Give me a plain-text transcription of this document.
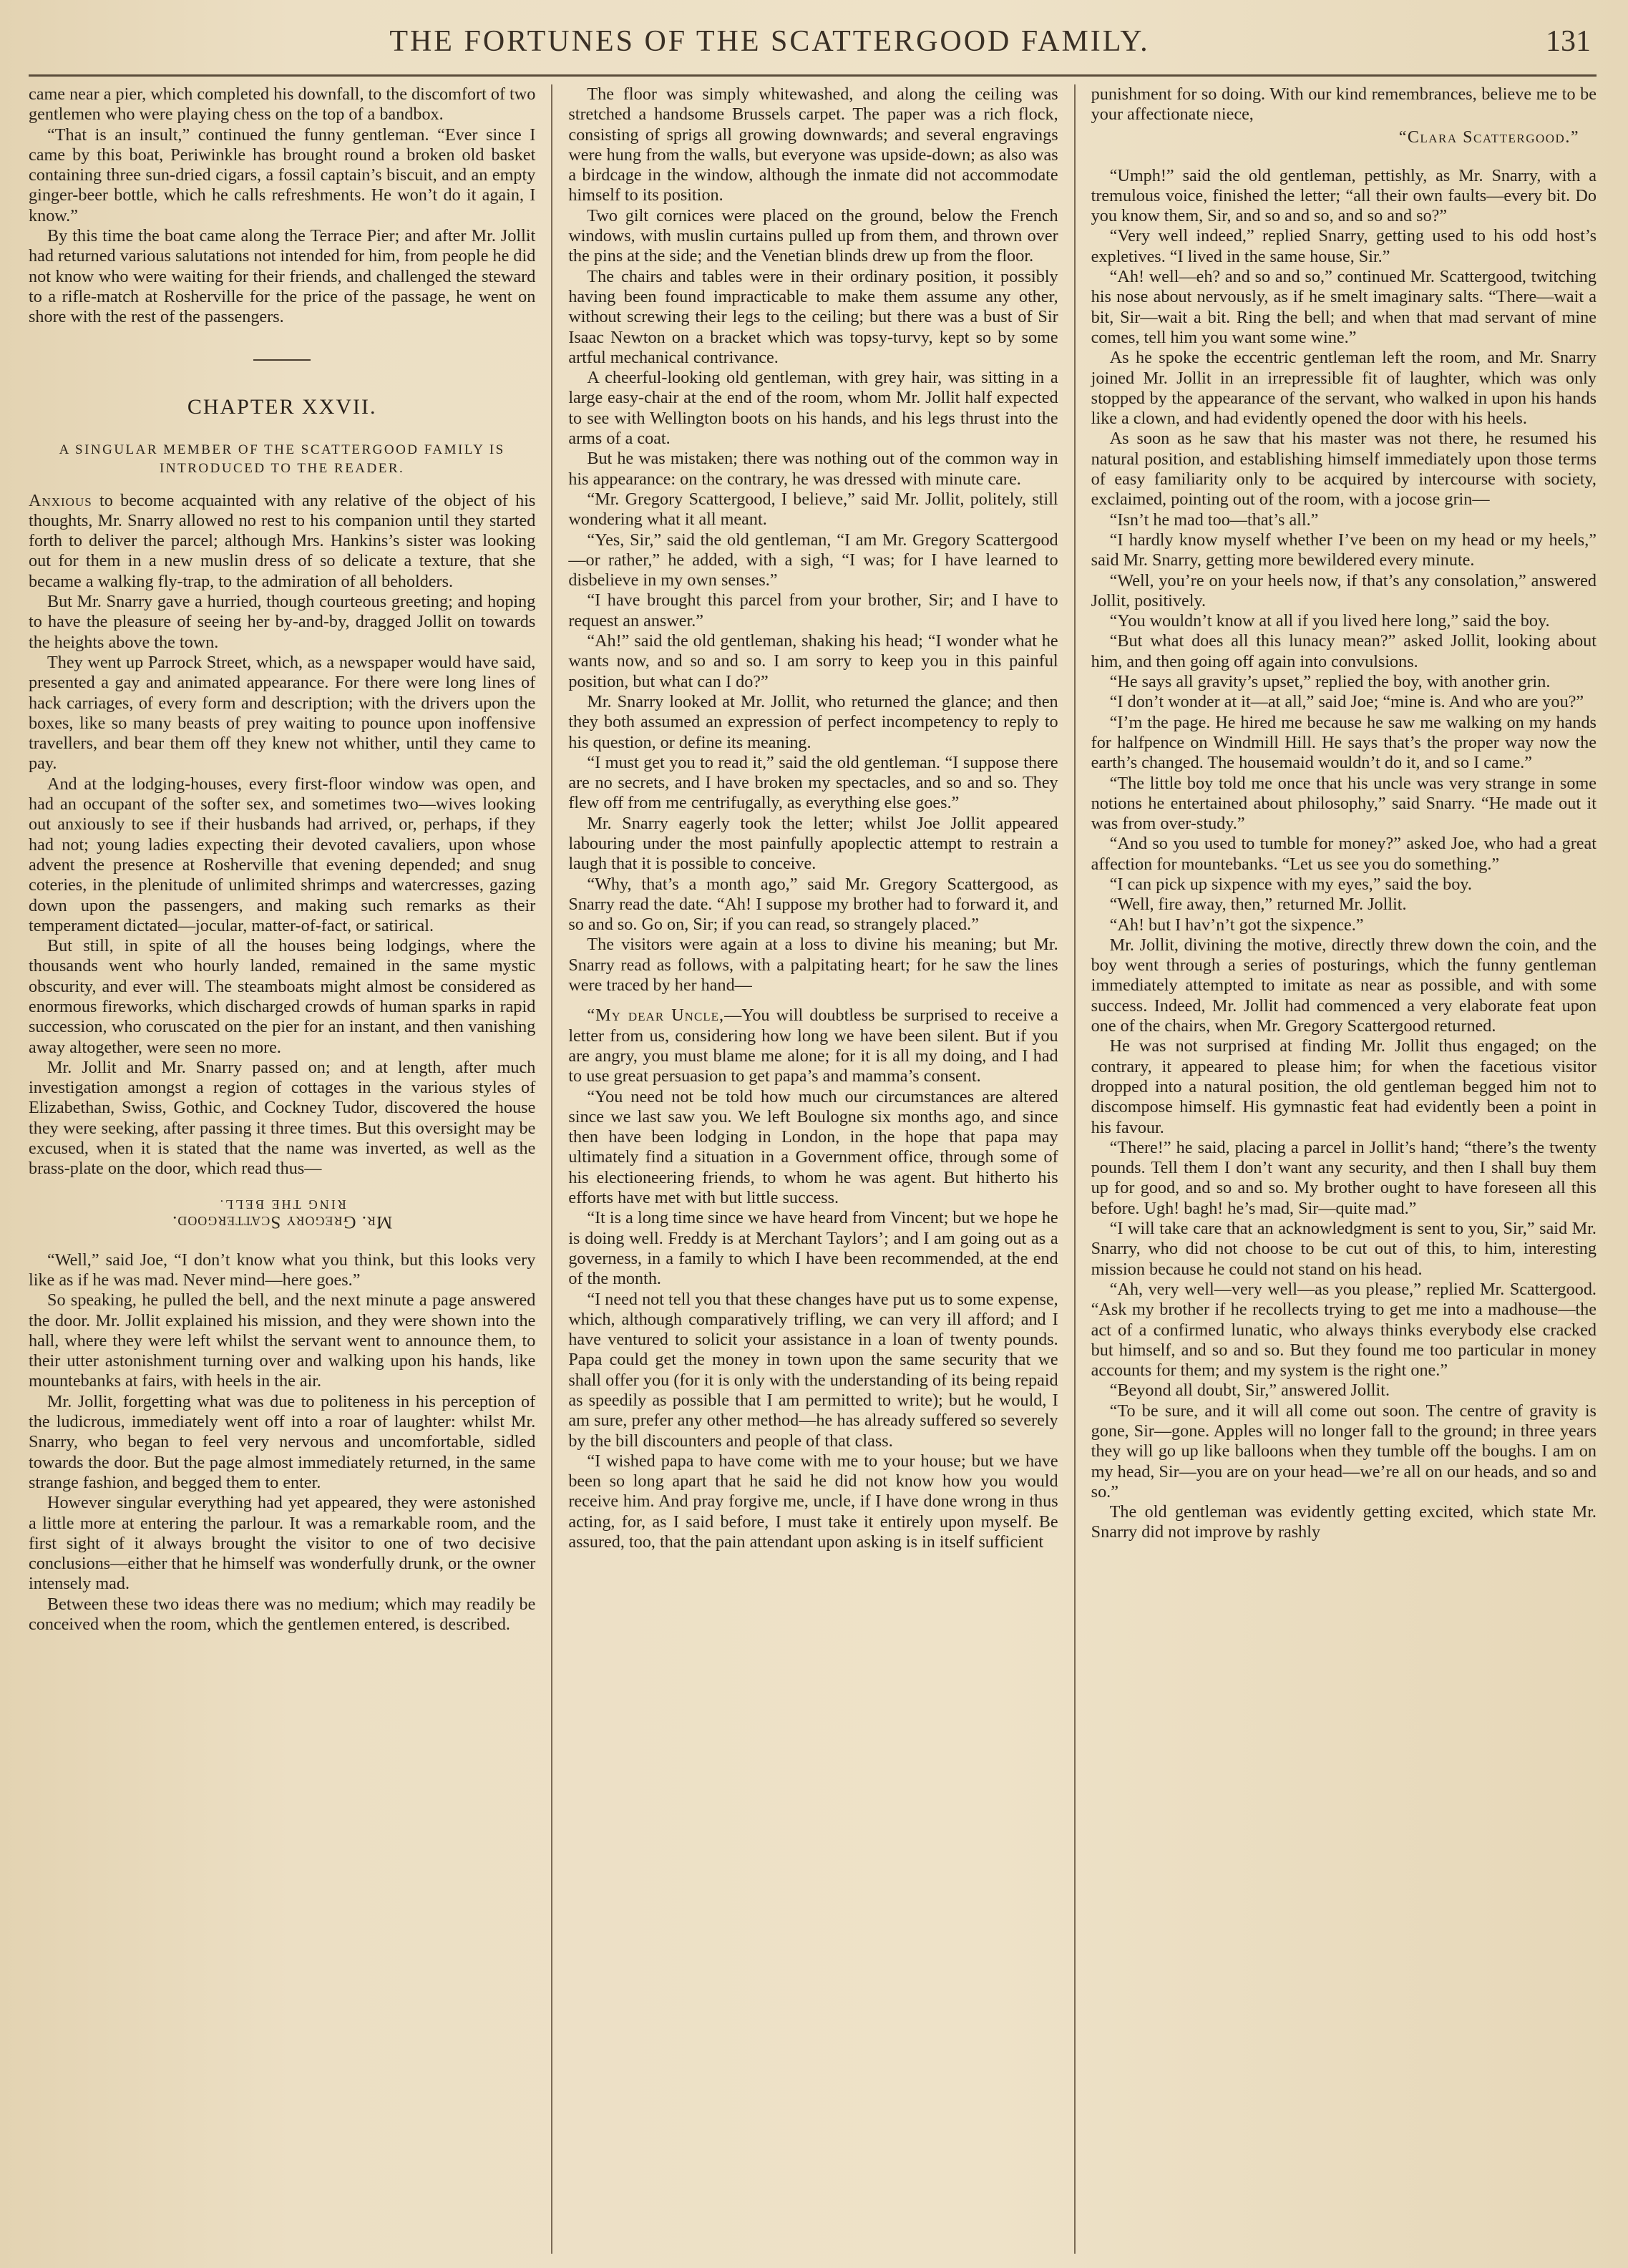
THE FORTUNES OF THE SCATTERGOOD FAMILY.	131

came near a pier, which completed his downfall, to the discomfort of two gentlemen who were playing chess on the top of a bandbox.

“That is an insult,” continued the funny gentleman. “Ever since I came by this boat, Periwinkle has brought round a broken old basket containing three sun-dried cigars, a fossil captain’s biscuit, and an empty ginger-beer bottle, which he calls refreshments. He won’t do it again, I know.”

By this time the boat came along the Terrace Pier; and after Mr. Jollit had returned various salutations not intended for him, from people he did not know who were waiting for their friends, and challenged the steward to a rifle-match at Rosherville for the price of the passage, he went on shore with the rest of the passengers.

CHAPTER XXVII.
A SINGULAR MEMBER OF THE SCATTERGOOD FAMILY IS INTRODUCED TO THE READER.

Anxious to become acquainted with any relative of the object of his thoughts, Mr. Snarry allowed no rest to his companion until they started forth to deliver the parcel; although Mrs. Hankins’s sister was looking out for them in a new muslin dress of so delicate a texture, that she became a walking fly-trap, to the admiration of all beholders.

But Mr. Snarry gave a hurried, though courteous greeting; and hoping to have the pleasure of seeing her by-and-by, dragged Jollit on towards the heights above the town.

They went up Parrock Street, which, as a newspaper would have said, presented a gay and animated appearance. For there were long lines of hack carriages, of every form and description; with the drivers upon the boxes, like so many beasts of prey waiting to pounce upon inoffensive travellers, and bear them off they knew not whither, until they came to pay.

And at the lodging-houses, every first-floor window was open, and had an occupant of the softer sex, and sometimes two—wives looking out anxiously to see if their husbands had arrived, or, perhaps, if they had not; young ladies expecting their devoted cavaliers, upon whose advent the presence at Rosherville that evening depended; and snug coteries, in the plenitude of unlimited shrimps and watercresses, gazing down upon the passengers, and making such remarks as their temperament dictated—jocular, matter-of-fact, or satirical.

But still, in spite of all the houses being lodgings, where the thousands went who hourly landed, remained in the same mystic obscurity, and ever will. The steamboats might almost be considered as enormous fireworks, which discharged crowds of human sparks in rapid succession, who coruscated on the pier for an instant, and then vanishing away altogether, were seen no more.

Mr. Jollit and Mr. Snarry passed on; and at length, after much investigation amongst a region of cottages in the various styles of Elizabethan, Swiss, Gothic, and Cockney Tudor, discovered the house they were seeking, after passing it three times. But this oversight may be excused, when it is stated that the name was inverted, as well as the brass-plate on the door, which read thus—

Mr. Gregory Scattergood.
RING THE BELL.

“Well,” said Joe, “I don’t know what you think, but this looks very like as if he was mad. Never mind—here goes.”

So speaking, he pulled the bell, and the next minute a page answered the door. Mr. Jollit explained his mission, and they were shown into the hall, where they were left whilst the servant went to announce them, to their utter astonishment turning over and walking upon his hands, like mountebanks at fairs, with heels in the air.

Mr. Jollit, forgetting what was due to politeness in his perception of the ludicrous, immediately went off into a roar of laughter: whilst Mr. Snarry, who began to feel very nervous and uncomfortable, sidled towards the door. But the page almost immediately returned, in the same strange fashion, and begged them to enter.

However singular everything had yet appeared, they were astonished a little more at entering the parlour. It was a remarkable room, and the first sight of it always brought the visitor to one of two decisive conclusions—either that he himself was wonderfully drunk, or the owner intensely mad.

Between these two ideas there was no medium; which may readily be conceived when the room, which the gentlemen entered, is described.

The floor was simply whitewashed, and along the ceiling was stretched a handsome Brussels carpet. The paper was a rich flock, consisting of sprigs all growing downwards; and several engravings were hung from the walls, but everyone was upside-down; as also was a birdcage in the window, although the inmate did not accommodate himself to its position.

Two gilt cornices were placed on the ground, below the French windows, with muslin curtains pulled up from them, and thrown over the pins at the side; and the Venetian blinds drew up from the floor.

The chairs and tables were in their ordinary position, it possibly having been found impracticable to make them assume any other, without screwing their legs to the ceiling; but there was a bust of Sir Isaac Newton on a bracket which was topsy-turvy, kept so by some artful mechanical contrivance.

A cheerful-looking old gentleman, with grey hair, was sitting in a large easy-chair at the end of the room, whom Mr. Jollit half expected to see with Wellington boots on his hands, and his legs thrust into the arms of a coat.

But he was mistaken; there was nothing out of the common way in his appearance: on the contrary, he was dressed with minute care.

“Mr. Gregory Scattergood, I believe,” said Mr. Jollit, politely, still wondering what it all meant.

“Yes, Sir,” said the old gentleman, “I am Mr. Gregory Scattergood—or rather,” he added, with a sigh, “I was; for I have learned to disbelieve in my own senses.”

“I have brought this parcel from your brother, Sir; and I have to request an answer.”

“Ah!” said the old gentleman, shaking his head; “I wonder what he wants now, and so and so. I am sorry to keep you in this painful position, but what can I do?”

Mr. Snarry looked at Mr. Jollit, who returned the glance; and then they both assumed an expression of perfect incompetency to reply to his question, or define its meaning.

“I must get you to read it,” said the old gentleman. “I suppose there are no secrets, and I have broken my spectacles, and so and so. They flew off from me centrifugally, as everything else goes.”

Mr. Snarry eagerly took the letter; whilst Joe Jollit appeared labouring under the most painfully apoplectic attempt to restrain a laugh that it is possible to conceive.

“Why, that’s a month ago,” said Mr. Gregory Scattergood, as Snarry read the date. “Ah! I suppose my brother had to forward it, and so and so. Go on, Sir; if you can read, so strangely placed.”

The visitors were again at a loss to divine his meaning; but Mr. Snarry read as follows, with a palpitating heart; for he saw the lines were traced by her hand—

“My dear Uncle,—You will doubtless be surprised to receive a letter from us, considering how long we have been silent. But if you are angry, you must blame me alone; for it is all my doing, and I had to use great persuasion to get papa’s and mamma’s consent.

“You need not be told how much our circumstances are altered since we last saw you. We left Boulogne six months ago, and since then have been lodging in London, in the hope that papa may ultimately find a situation in a Government office, through some of his electioneering friends, to whom he was agent. But hitherto his efforts have met with but little success.

“It is a long time since we have heard from Vincent; but we hope he is doing well. Freddy is at Merchant Taylors’; and I am going out as a governess, in a family to which I have been recommended, at the end of the month.

“I need not tell you that these changes have put us to some expense, which, although comparatively trifling, we can very ill afford; and I have ventured to solicit your assistance in a loan of twenty pounds. Papa could get the money in town upon the same security that we shall offer you (for it is only with the understanding of its being repaid as speedily as possible that I am permitted to write); but he would, I am sure, prefer any other method—he has already suffered so severely by the bill discounters and people of that class.

“I wished papa to have come with me to your house; but we have been so long apart that he said he did not know how you would receive him. And pray forgive me, uncle, if I have done wrong in thus acting, for, as I said before, I must take it entirely upon myself. Be assured, too, that the pain attendant upon asking is in itself sufficient

punishment for so doing. With our kind remembrances, believe me to be your affectionate niece,

“Clara Scattergood.”

“Umph!” said the old gentleman, pettishly, as Mr. Snarry, with a tremulous voice, finished the letter; “all their own faults—every bit. Do you know them, Sir, and so and so, and so and so?”

“Very well indeed,” replied Snarry, getting used to his odd host’s expletives. “I lived in the same house, Sir.”

“Ah! well—eh? and so and so,” continued Mr. Scattergood, twitching his nose about nervously, as if he smelt imaginary salts. “There—wait a bit, Sir—wait a bit. Ring the bell; and when that mad servant of mine comes, tell him you want some wine.”

As he spoke the eccentric gentleman left the room, and Mr. Snarry joined Mr. Jollit in an irrepressible fit of laughter, which was only stopped by the appearance of the servant, who walked in upon his hands like a clown, and had evidently opened the door with his heels.

As soon as he saw that his master was not there, he resumed his natural position, and establishing himself immediately upon those terms of easy familiarity only to be acquired by intercourse with society, exclaimed, pointing out of the room, with a jocose grin—

“Isn’t he mad too—that’s all.”

“I hardly know myself whether I’ve been on my head or my heels,” said Mr. Snarry, getting more bewildered every minute.

“Well, you’re on your heels now, if that’s any consolation,” answered Jollit, positively.

“You wouldn’t know at all if you lived here long,” said the boy.

“But what does all this lunacy mean?” asked Jollit, looking about him, and then going off again into convulsions.

“He says all gravity’s upset,” replied the boy, with another grin.

“I don’t wonder at it—at all,” said Joe; “mine is. And who are you?”

“I’m the page. He hired me because he saw me walking on my hands for halfpence on Windmill Hill. He says that’s the proper way now the earth’s changed. The housemaid wouldn’t do it, and so I came.”

“The little boy told me once that his uncle was very strange in some notions he entertained about philosophy,” said Snarry. “He made out it was from over-study.”

“And so you used to tumble for money?” asked Joe, who had a great affection for mountebanks. “Let us see you do something.”

“I can pick up sixpence with my eyes,” said the boy.

“Well, fire away, then,” returned Mr. Jollit.

“Ah! but I hav’n’t got the sixpence.”

Mr. Jollit, divining the motive, directly threw down the coin, and the boy went through a series of posturings, which the funny gentleman immediately attempted to imitate as near as possible, and with some success. Indeed, Mr. Jollit had commenced a very elaborate feat upon one of the chairs, when Mr. Gregory Scattergood returned.

He was not surprised at finding Mr. Jollit thus engaged; on the contrary, it appeared to please him; for when the facetious visitor dropped into a natural position, the old gentleman begged him not to discompose himself. His gymnastic feat had evidently been a point in his favour.

“There!” he said, placing a parcel in Jollit’s hand; “there’s the twenty pounds. Tell them I don’t want any security, and then I shall buy them up for good, and so and so. My brother ought to have foreseen all this before. Ugh! bagh! he’s mad, Sir—quite mad.”

“I will take care that an acknowledgment is sent to you, Sir,” said Mr. Snarry, who did not choose to be cut out of this, to him, interesting mission because he could not stand on his head.

“Ah, very well—very well—as you please,” replied Mr. Scattergood. “Ask my brother if he recollects trying to get me into a madhouse—the act of a confirmed lunatic, who always thinks everybody else cracked but himself, and so and so. But they found me too particular in money accounts for them; and my system is the right one.”

“Beyond all doubt, Sir,” answered Jollit.

“To be sure, and it will all come out soon. The centre of gravity is gone, Sir—gone. Apples will no longer fall to the ground; in three years they will go up like balloons when they tumble off the boughs. I am on my head, Sir—you are on your head—we’re all on our heads, and so and so.”

The old gentleman was evidently getting excited, which state Mr. Snarry did not improve by rashly
